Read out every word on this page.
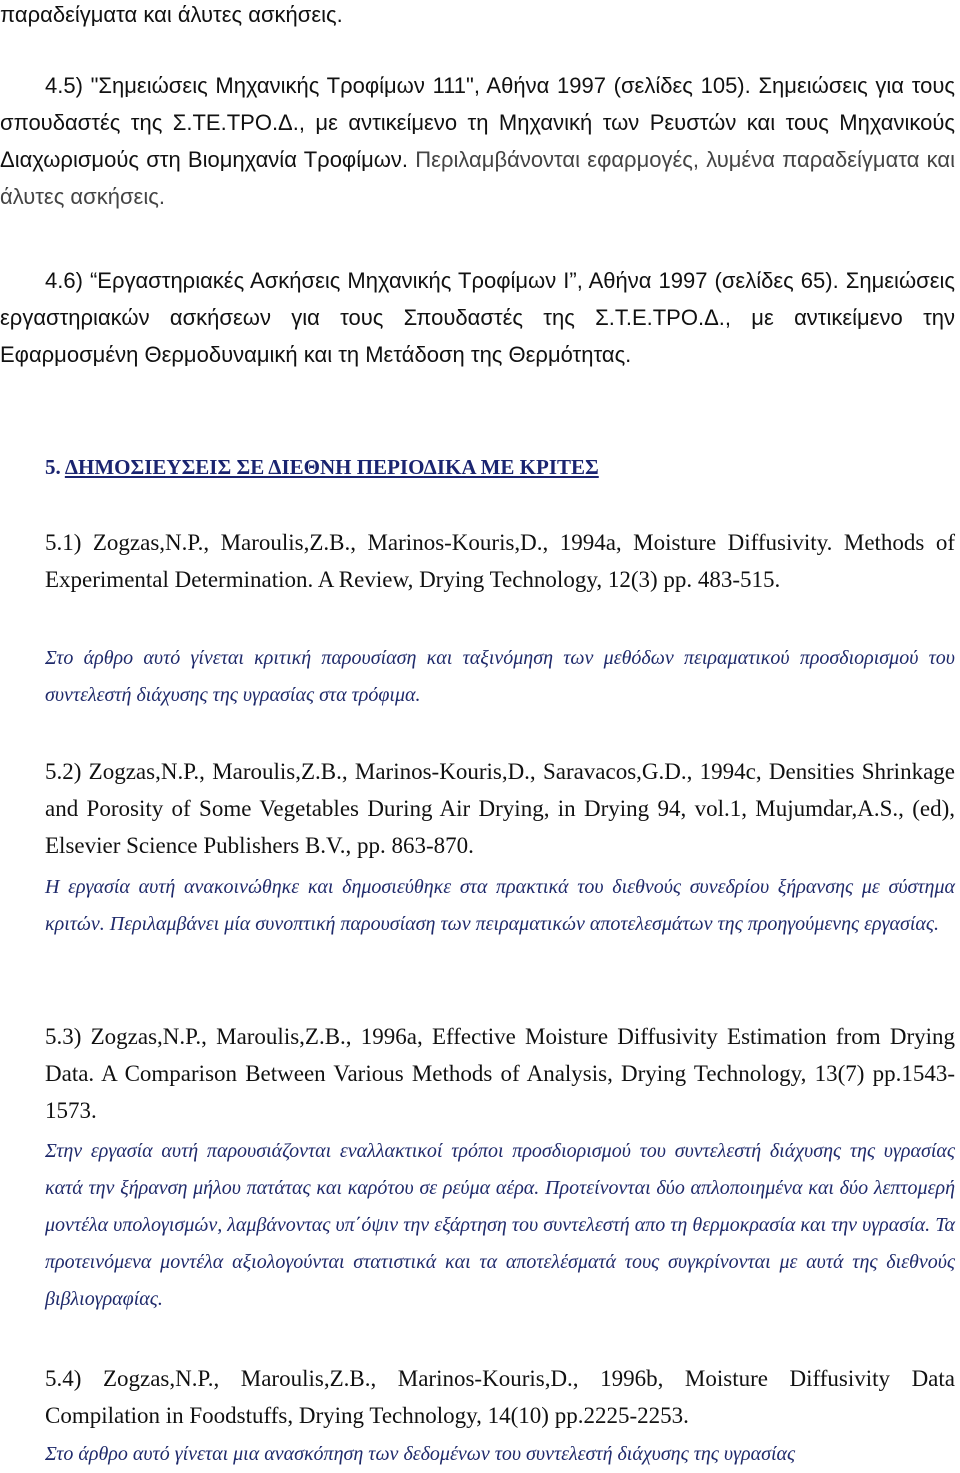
παραδείγματα και άλυτες ασκήσεις.

4.5) "Σημειώσεις Μηχανικής Τροφίμων 111", Αθήνα 1997 (σελίδες 105). Σημειώσεις για τους σπουδαστές της Σ.ΤΕ.ΤΡΟ.Δ., με αντικείμενο τη Μηχανική των Ρευστών και τους Μηχανικούς Διαχωρισμούς στη Βιομηχανία Τροφίμων. Περιλαμβάνονται εφαρμογές, λυμένα παραδείγματα και άλυτες ασκήσεις.

4.6) “Εργαστηριακές Ασκήσεις Μηχανικής Τροφίμων Ι”, Αθήνα 1997 (σελίδες 65). Σημειώσεις εργαστηριακών ασκήσεων για τους Σπουδαστές της Σ.Τ.Ε.ΤΡΟ.Δ., με αντικείμενο την Εφαρμοσμένη Θερμοδυναμική και τη Μετάδοση της Θερμότητας.

5. ΔΗΜΟΣΙΕΥΣΕΙΣ ΣΕ ΔΙΕΘΝΗ ΠΕΡΙΟΔΙΚΑ ΜΕ ΚΡΙΤΕΣ

5.1) Zogzas,N.P., Maroulis,Z.B., Marinos-Kouris,D., 1994a, Moisture Diffusivity. Methods of Experimental Determination. A Review, Drying Technology, 12(3) pp. 483-515.

Στο άρθρο αυτό γίνεται κριτική παρουσίαση και ταξινόμηση των μεθόδων πειραματικού προσδιορισμού του συντελεστή διάχυσης της υγρασίας στα τρόφιμα.

5.2) Zogzas,N.P., Maroulis,Z.B., Marinos-Kouris,D., Saravacos,G.D., 1994c, Densities Shrinkage and Porosity of Some Vegetables During Air Drying, in Drying 94, vol.1, Mujumdar,A.S., (ed), Elsevier Science Publishers B.V., pp. 863-870.

Η εργασία αυτή ανακοινώθηκε και δημοσιεύθηκε στα πρακτικά του διεθνούς συνεδρίου ξήρανσης με σύστημα κριτών. Περιλαμβάνει μία συνοπτική παρουσίαση των πειραματικών αποτελεσμάτων της προηγούμενης εργασίας.

5.3) Zogzas,N.P., Maroulis,Z.B., 1996a, Effective Moisture Diffusivity Estimation from Drying Data. A Comparison Between Various Methods of Analysis, Drying Technology, 13(7) pp.1543-1573.

Στην εργασία αυτή παρουσιάζονται εναλλακτικοί τρόποι προσδιορισμού του συντελεστή διάχυσης της υγρασίας κατά την ξήρανση μήλου πατάτας και καρότου σε ρεύμα αέρα. Προτείνονται δύο απλοποιημένα και δύο λεπτομερή μοντέλα υπολογισμών, λαμβάνοντας υπ΄όψιν την εξάρτηση του συντελεστή απο τη θερμοκρασία και την υγρασία. Τα προτεινόμενα μοντέλα αξιολογούνται στατιστικά και τα αποτελέσματά τους συγκρίνονται με αυτά της διεθνούς βιβλιογραφίας.

5.4) Zogzas,N.P., Maroulis,Z.B., Marinos-Kouris,D., 1996b, Moisture Diffusivity Data Compilation in Foodstuffs, Drying Technology, 14(10) pp.2225-2253.

Στο άρθρο αυτό γίνεται μια ανασκόπηση των δεδομένων του συντελεστή διάχυσης της υγρασίας
